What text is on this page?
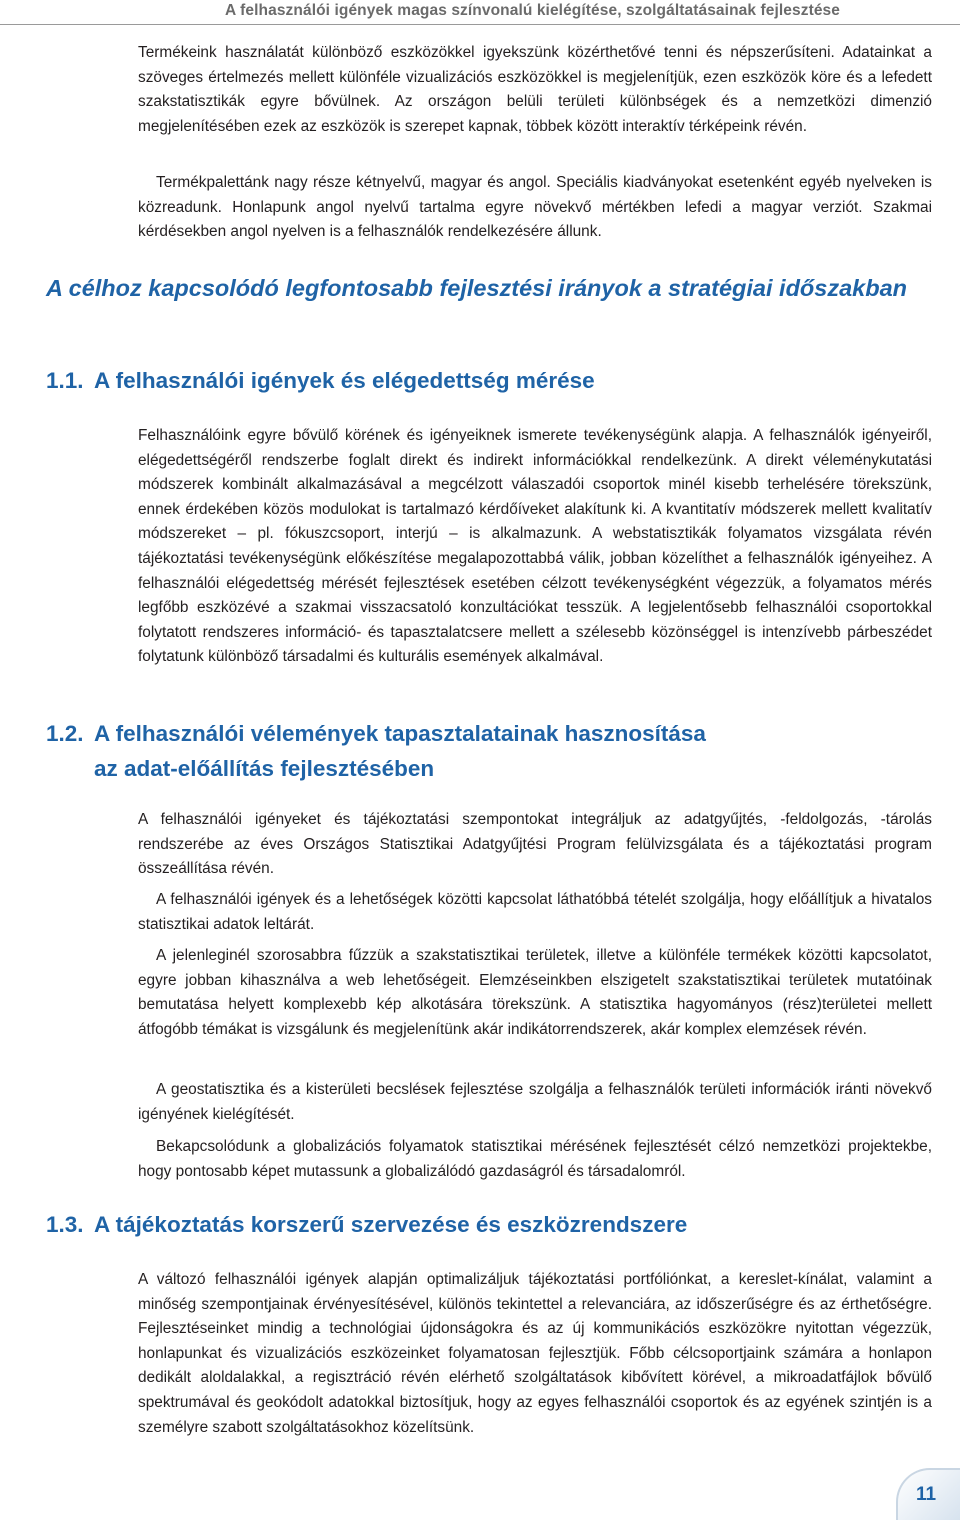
A felhasználói igények magas színvonalú kielégítése, szolgáltatásainak fejlesztése

Termékeink használatát különböző eszközökkel igyekszünk közérthetővé tenni és népszerűsíteni. Adatainkat a szöveges értelmezés mellett különféle vizualizációs eszközökkel is megjelenítjük, ezen eszközök köre és a lefedett szakstatisztikák egyre bővülnek. Az országon belüli területi különbségek és a nemzetközi dimenzió megjelenítésében ezek az eszközök is szerepet kapnak, többek között interaktív térképeink révén.

Termékpalettánk nagy része kétnyelvű, magyar és angol. Speciális kiadványokat esetenként egyéb nyelveken is közreadunk. Honlapunk angol nyelvű tartalma egyre növekvő mértékben lefedi a magyar verziót. Szakmai kérdésekben angol nyelven is a felhasználók rendelkezésére állunk.

A célhoz kapcsolódó legfontosabb fejlesztési irányok a stratégiai időszakban
1.1. A felhasználói igények és elégedettség mérése

Felhasználóink egyre bővülő körének és igényeiknek ismerete tevékenységünk alapja. A felhasználók igényeiről, elégedettségéről rendszerbe foglalt direkt és indirekt információkkal rendelkezünk. A direkt véleménykutatási módszerek kombinált alkalmazásával a megcélzott válaszadói csoportok minél kisebb terhelésére törekszünk, ennek érdekében közös modulokat is tartalmazó kérdőíveket alakítunk ki. A kvantitatív módszerek mellett kvalitatív módszereket – pl. fókuszcsoport, interjú – is alkalmazunk. A webstatisztikák folyamatos vizsgálata révén tájékoztatási tevékenységünk előkészítése megalapozottabbá válik, jobban közelíthet a felhasználók igényeihez. A felhasználói elégedettség mérését fejlesztések esetében célzott tevékenységként végezzük, a folyamatos mérés legfőbb eszközévé a szakmai visszacsatoló konzultációkat tesszük. A legjelentősebb felhasználói csoportokkal folytatott rendszeres információ- és tapasztalatcsere mellett a szélesebb közönséggel is intenzívebb párbeszédet folytatunk különböző társadalmi és kulturális események alkalmával.

1.2. A felhasználói vélemények tapasztalatainak hasznosítása
az adat-előállítás fejlesztésében

A felhasználói igényeket és tájékoztatási szempontokat integráljuk az adatgyűjtés, -feldolgozás, -tárolás rendszerébe az éves Országos Statisztikai Adatgyűjtési Program felülvizsgálata és a tájékoztatási program összeállítása révén.

A felhasználói igények és a lehetőségek közötti kapcsolat láthatóbbá tételét szolgálja, hogy előállítjuk a hivatalos statisztikai adatok leltárát.

A jelenleginél szorosabbra fűzzük a szakstatisztikai területek, illetve a különféle termékek közötti kapcsolatot, egyre jobban kihasználva a web lehetőségeit. Elemzéseinkben elszigetelt szakstatisztikai területek mutatóinak bemutatása helyett komplexebb kép alkotására törekszünk. A statisztika hagyományos (rész)területei mellett átfogóbb témákat is vizsgálunk és megjelenítünk akár indikátorrendszerek, akár komplex elemzések révén.

A geostatisztika és a kisterületi becslések fejlesztése szolgálja a felhasználók területi információk iránti növekvő igényének kielégítését.

Bekapcsolódunk a globalizációs folyamatok statisztikai mérésének fejlesztését célzó nemzetközi projektekbe, hogy pontosabb képet mutassunk a globalizálódó gazdaságról és társadalomról.

1.3. A tájékoztatás korszerű szervezése és eszközrendszere

A változó felhasználói igények alapján optimalizáljuk tájékoztatási portfóliónkat, a kereslet-kínálat, valamint a minőség szempontjainak érvényesítésével, különös tekintettel a relevanciára, az időszerűségre és az érthetőségre. Fejlesztéseinket mindig a technológiai újdonságokra és az új kommunikációs eszközökre nyitottan végezzük, honlapunkat és vizualizációs eszközeinket folyamatosan fejlesztjük. Főbb célcsoportjaink számára a honlapon dedikált aloldalakkal, a regisztráció révén elérhető szolgáltatások kibővített körével, a mikroadatfájlok bővülő spektrumával és geokódolt adatokkal biztosítjuk, hogy az egyes felhasználói csoportok és az egyének szintjén is a személyre szabott szolgáltatásokhoz közelítsünk.

11
